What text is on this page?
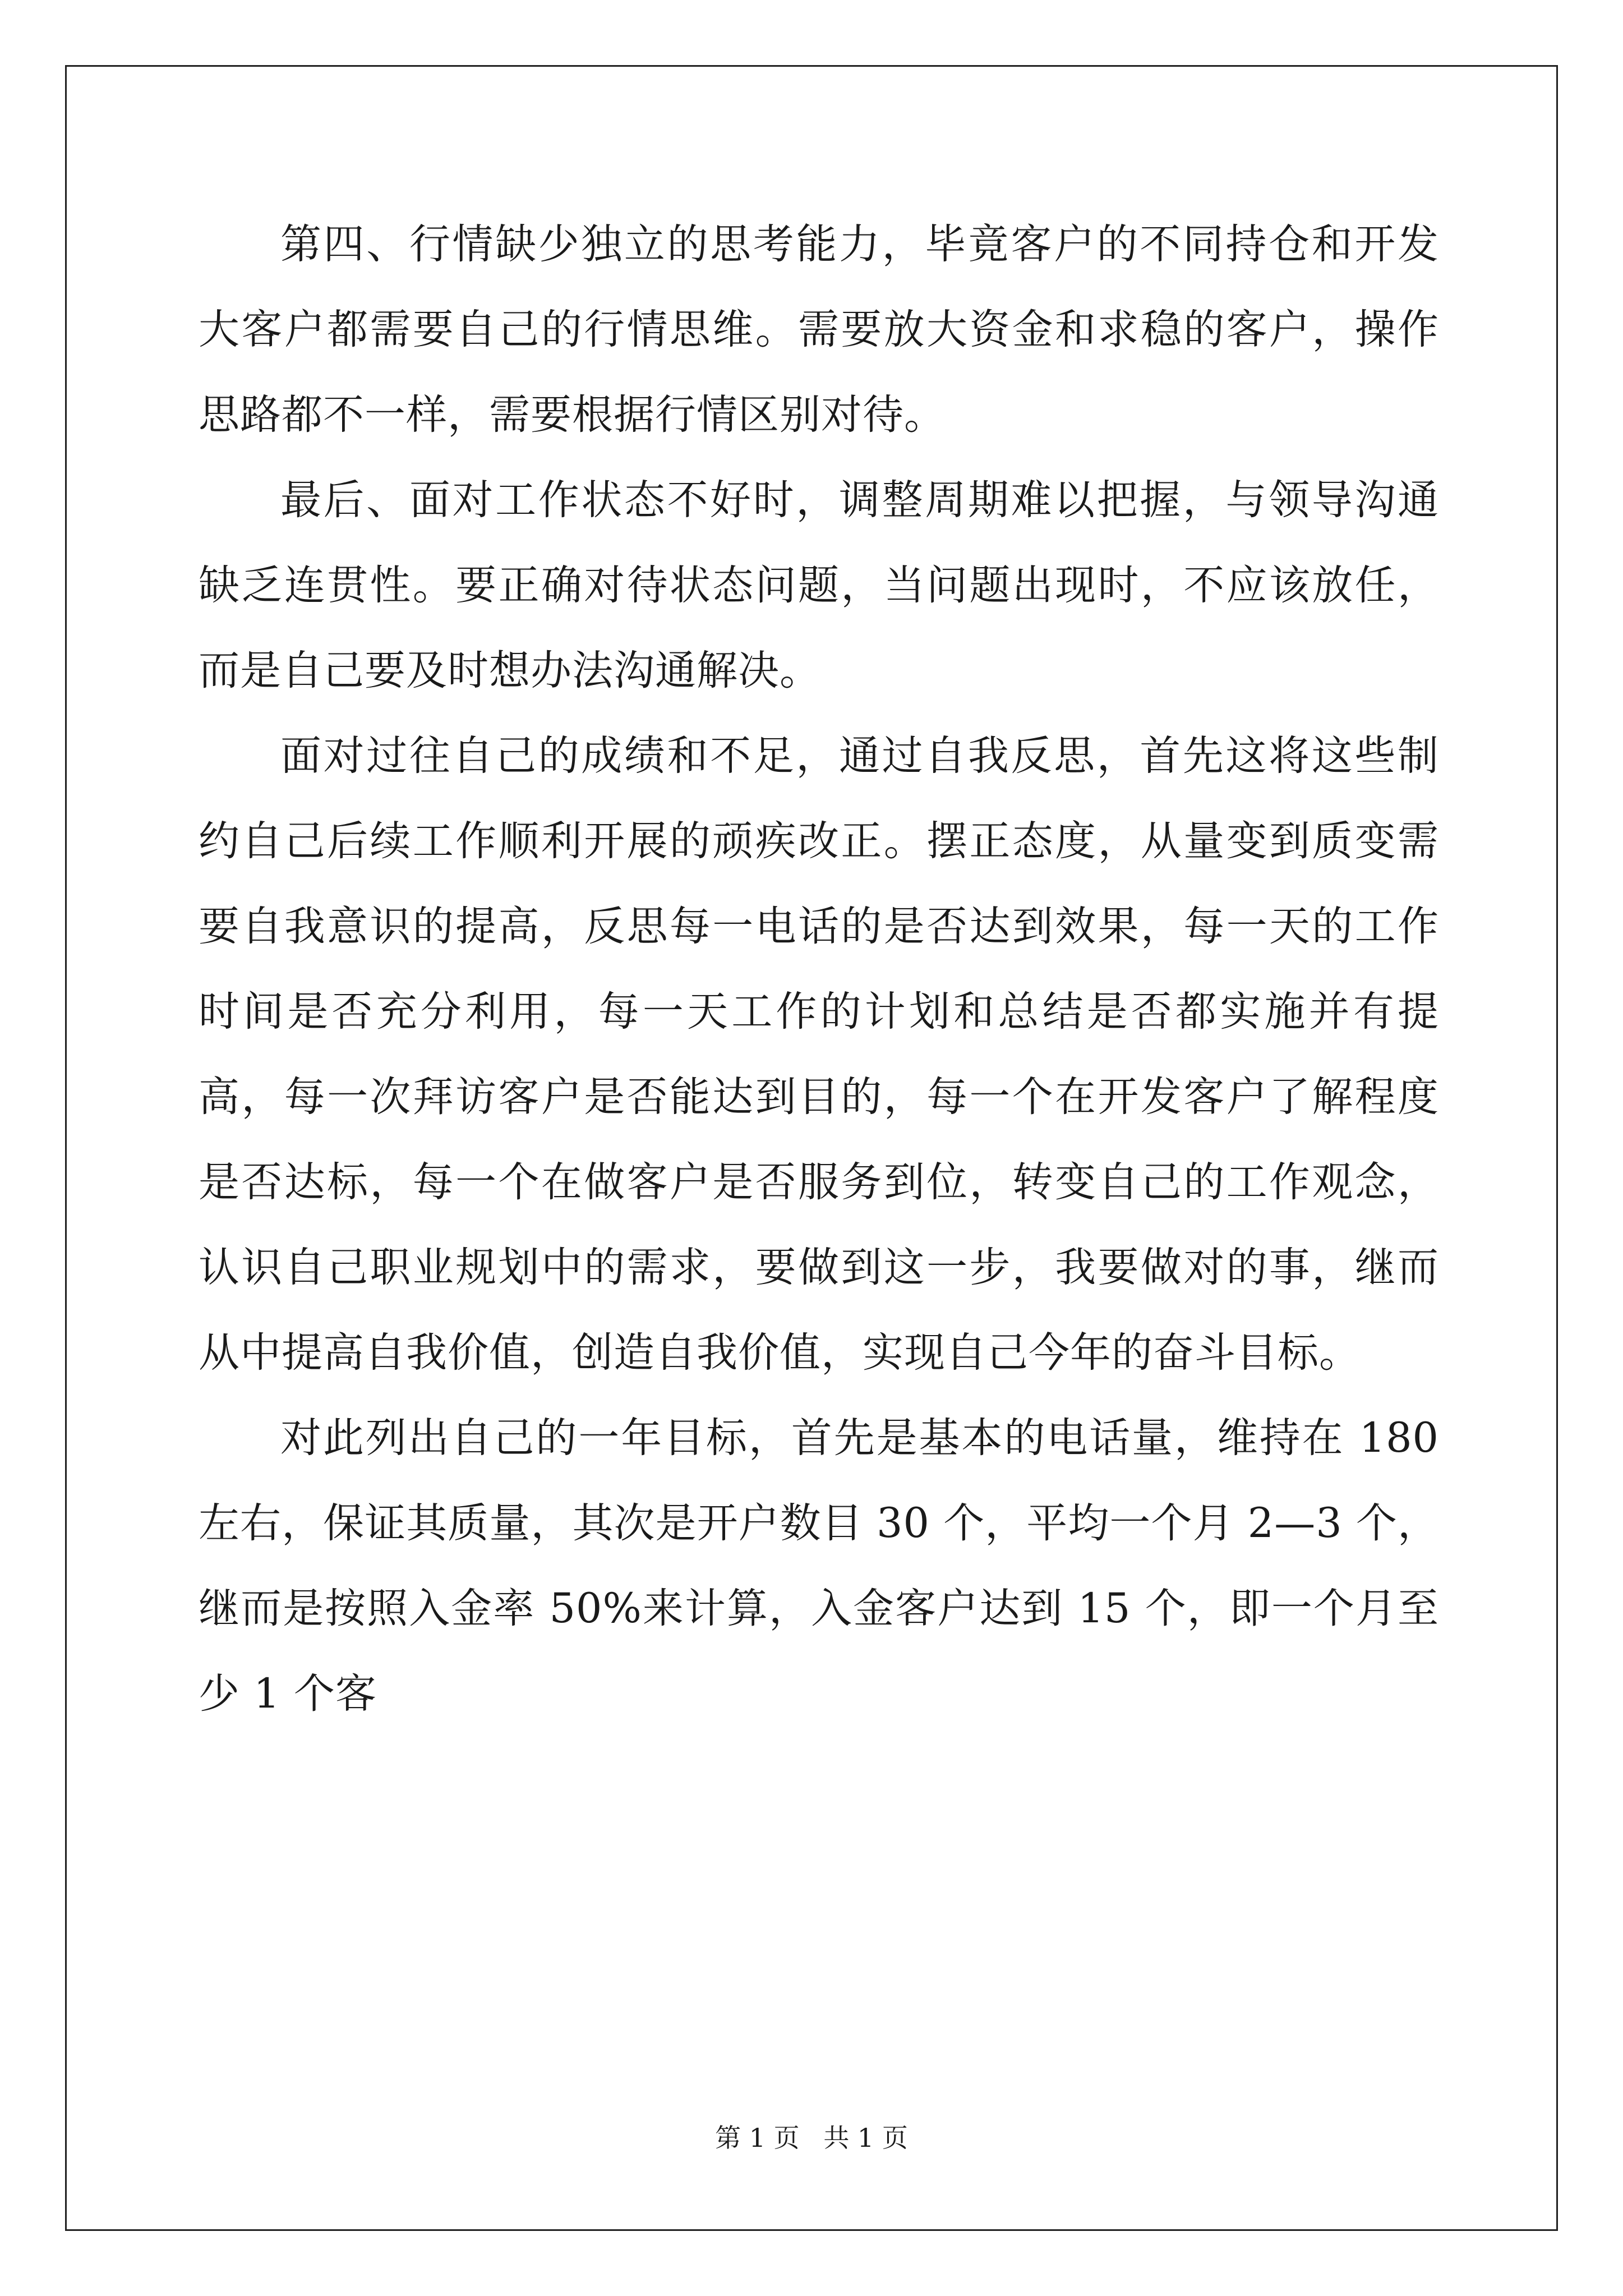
第四、行情缺少独立的思考能力，毕竟客户的不同持仓和开发大客户都需要自己的行情思维。需要放大资金和求稳的客户，操作思路都不一样，需要根据行情区别对待。

最后、面对工作状态不好时，调整周期难以把握，与领导沟通缺乏连贯性。要正确对待状态问题，当问题出现时，不应该放任，而是自己要及时想办法沟通解决。

面对过往自己的成绩和不足，通过自我反思，首先这将这些制约自己后续工作顺利开展的顽疾改正。摆正态度，从量变到质变需要自我意识的提高，反思每一电话的是否达到效果，每一天的工作时间是否充分利用，每一天工作的计划和总结是否都实施并有提高，每一次拜访客户是否能达到目的，每一个在开发客户了解程度是否达标，每一个在做客户是否服务到位，转变自己的工作观念，认识自己职业规划中的需求，要做到这一步，我要做对的事，继而从中提高自我价值，创造自我价值，实现自己今年的奋斗目标。

对此列出自己的一年目标，首先是基本的电话量，维持在 180 左右，保证其质量，其次是开户数目 30 个，平均一个月 2—3 个，继而是按照入金率 50%来计算，入金客户达到 15 个，即一个月至少 1 个客

第 1 页 共 1 页
